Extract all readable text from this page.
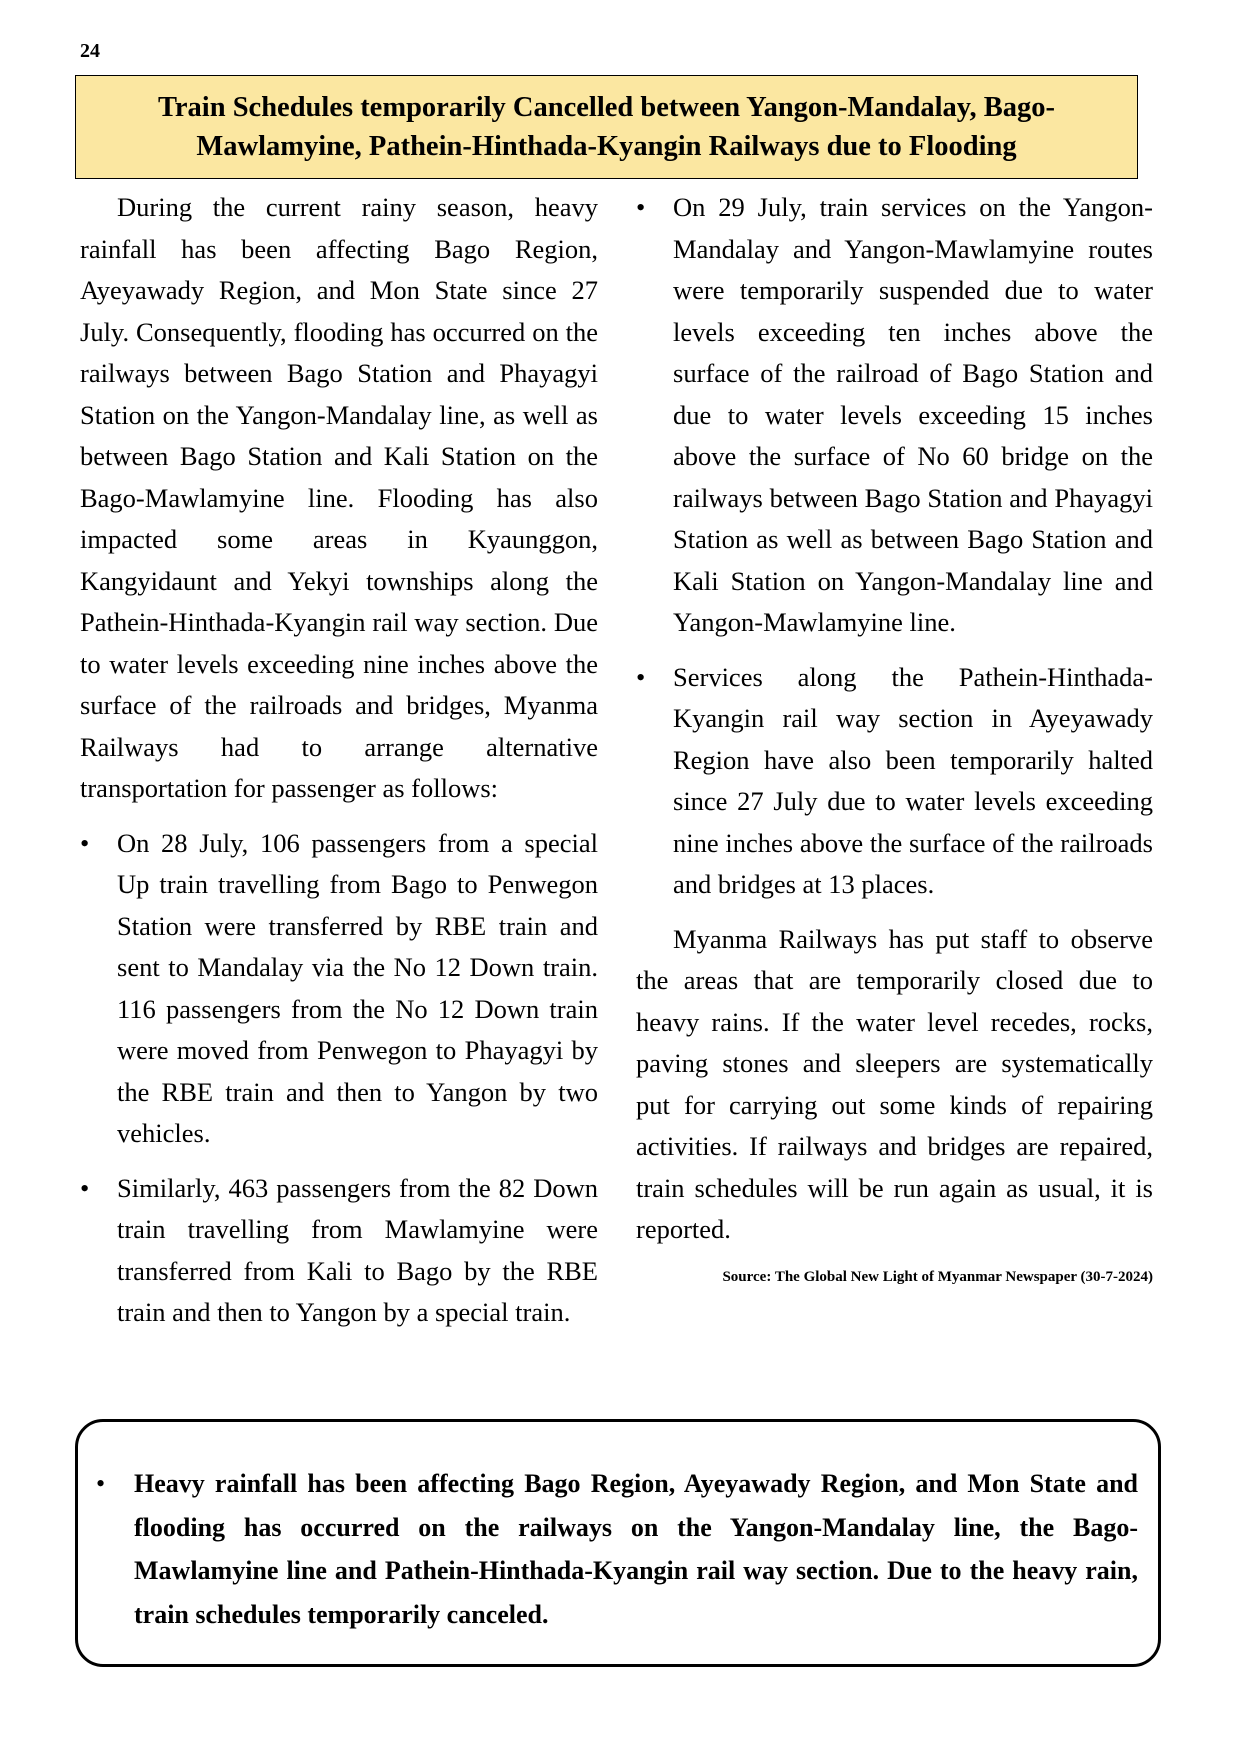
24
Train Schedules temporarily Cancelled between Yangon-Mandalay, Bago-Mawlamyine, Pathein-Hinthada-Kyangin Railways due to Flooding

During the current rainy season, heavy rainfall has been affecting Bago Region, Ayeyawady Region, and Mon State since 27 July. Consequently, flooding has occurred on the railways between Bago Station and Phayagyi Station on the Yangon-Mandalay line, as well as between Bago Station and Kali Station on the Bago-Mawlamyine line. Flooding has also impacted some areas in Kyaunggon, Kangyidaunt and Yekyi townships along the Pathein-Hinthada-Kyangin rail way section. Due to water levels exceeding nine inches above the surface of the railroads and bridges, Myanma Railways had to arrange alternative transportation for passenger as follows:

•	On 28 July, 106 passengers from a special Up train travelling from Bago to Penwegon Station were transferred by RBE train and sent to Mandalay via the No 12 Down train. 116 passengers from the No 12 Down train were moved from Penwegon to Phayagyi by the RBE train and then to Yangon by two vehicles.
•	Similarly, 463 passengers from the 82 Down train travelling from Mawlamyine were transferred from Kali to Bago by the RBE train and then to Yangon by a special train.
•	On 29 July, train services on the Yangon-Mandalay and Yangon-Mawlamyine routes were temporarily suspended due to water levels exceeding ten inches above the surface of the railroad of Bago Station and due to water levels exceeding 15 inches above the surface of No 60 bridge on the railways between Bago Station and Phayagyi Station as well as between Bago Station and Kali Station on Yangon-Mandalay line and Yangon-Mawlamyine line.
•	Services along the Pathein-Hinthada-Kyangin rail way section in Ayeyawady Region have also been temporarily halted since 27 July due to water levels exceeding nine inches above the surface of the railroads and bridges at 13 places.

Myanma Railways has put staff to observe the areas that are temporarily closed due to heavy rains. If the water level recedes, rocks, paving stones and sleepers are systematically put for carrying out some kinds of repairing activities. If railways and bridges are repaired, train schedules will be run again as usual, it is reported.

Source: The Global New Light of Myanmar Newspaper (30-7-2024)

• Heavy rainfall has been affecting Bago Region, Ayeyawady Region, and Mon State and flooding has occurred on the railways on the Yangon-Mandalay line, the Bago-Mawlamyine line and Pathein-Hinthada-Kyangin rail way section. Due to the heavy rain, train schedules temporarily canceled.
